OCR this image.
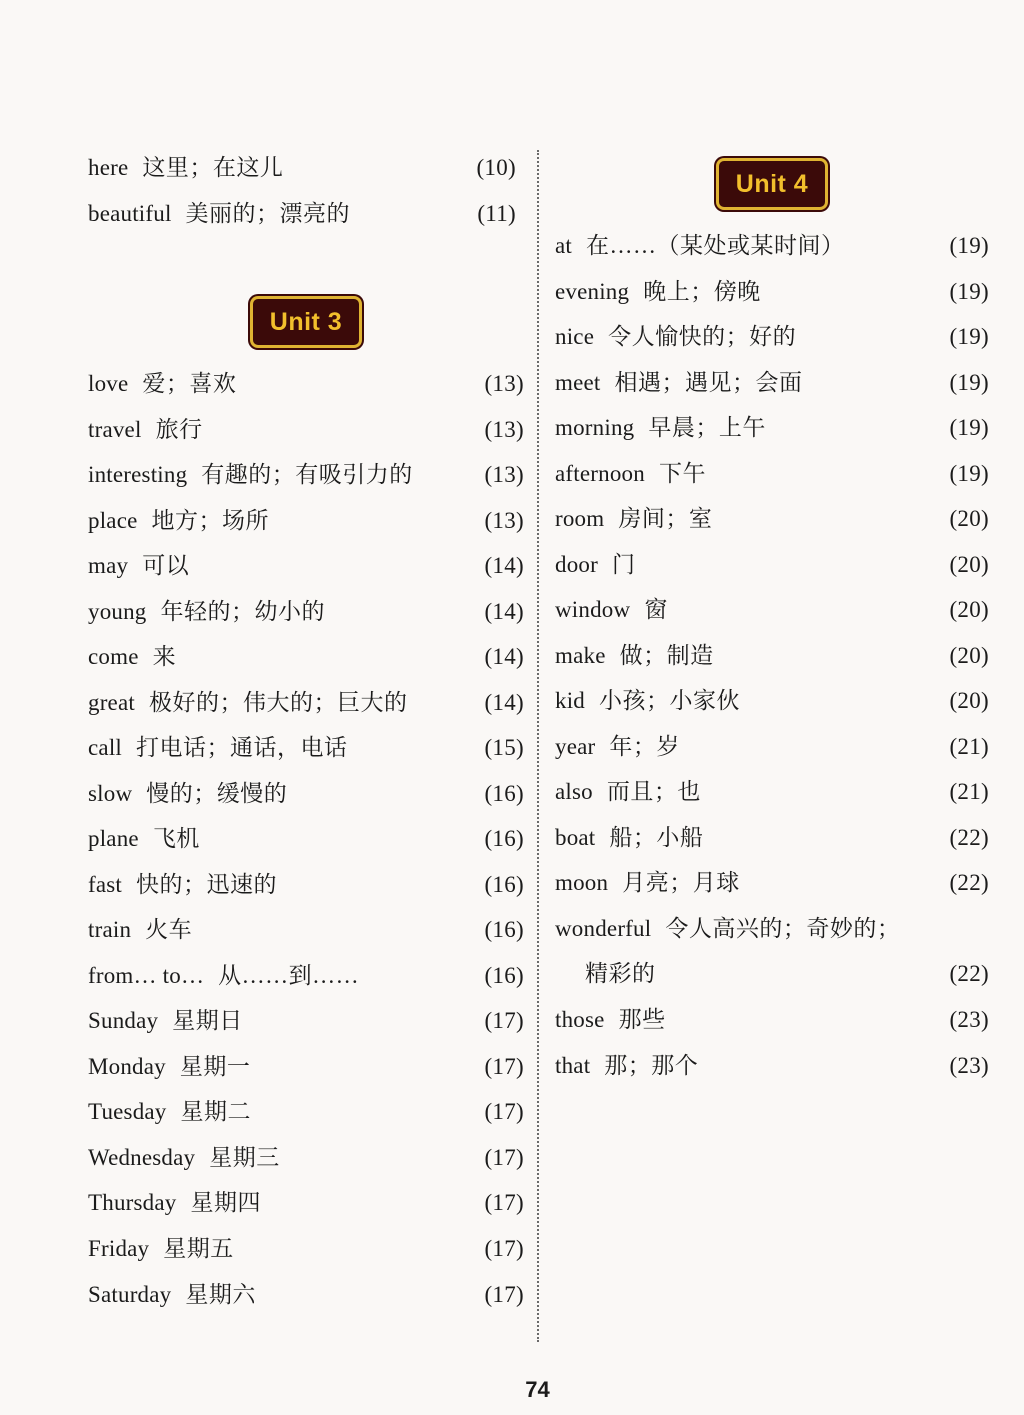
here 这里；在这儿	(10)
beautiful 美丽的；漂亮的	(11)
Unit 3
love 爱；喜欢	(13)
travel 旅行	(13)
interesting 有趣的；有吸引力的	(13)
place 地方；场所	(13)
may 可以	(14)
young 年轻的；幼小的	(14)
come 来	(14)
great 极好的；伟大的；巨大的	(14)
call 打电话；通话，电话	(15)
slow 慢的；缓慢的	(16)
plane 飞机	(16)
fast 快的；迅速的	(16)
train 火车	(16)
from… to… 从……到……	(16)
Sunday 星期日	(17)
Monday 星期一	(17)
Tuesday 星期二	(17)
Wednesday 星期三	(17)
Thursday 星期四	(17)
Friday 星期五	(17)
Saturday 星期六	(17)
Unit 4
at 在……（某处或某时间）	(19)
evening 晚上；傍晚	(19)
nice 令人愉快的；好的	(19)
meet 相遇；遇见；会面	(19)
morning 早晨；上午	(19)
afternoon 下午	(19)
room 房间；室	(20)
door 门	(20)
window 窗	(20)
make 做；制造	(20)
kid 小孩；小家伙	(20)
year 年；岁	(21)
also 而且；也	(21)
boat 船；小船	(22)
moon 月亮；月球	(22)
wonderful 令人高兴的；奇妙的；
精彩的	(22)
those 那些	(23)
that 那；那个	(23)
74
